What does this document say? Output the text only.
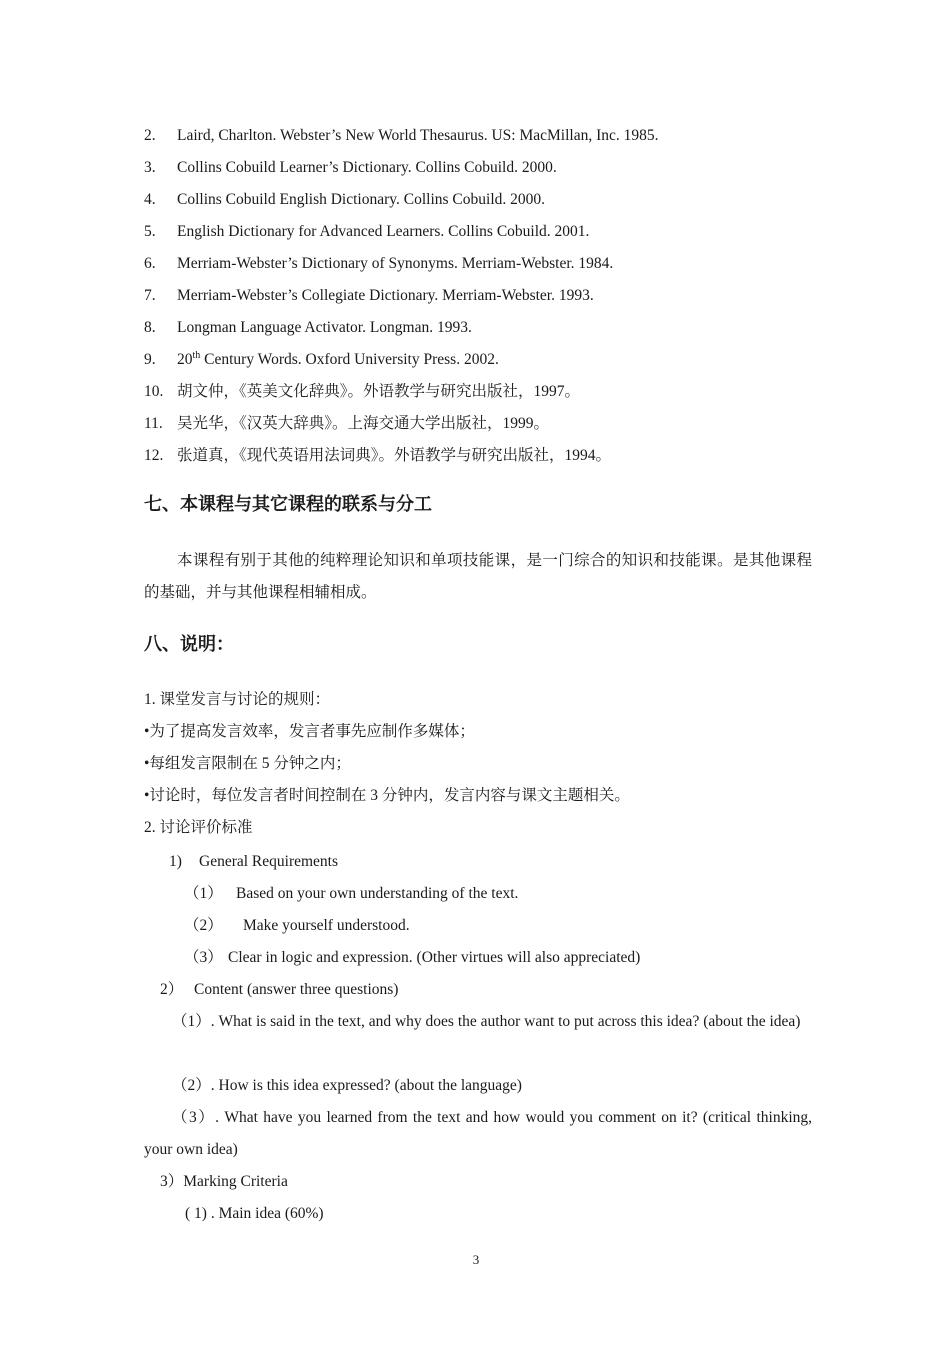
2. Laird, Charlton. Webster’s New World Thesaurus. US: MacMillan, Inc. 1985.
3. Collins Cobuild Learner’s Dictionary. Collins Cobuild. 2000.
4. Collins Cobuild English Dictionary. Collins Cobuild. 2000.
5. English Dictionary for Advanced Learners. Collins Cobuild. 2001.
6. Merriam-Webster’s Dictionary of Synonyms. Merriam-Webster. 1984.
7. Merriam-Webster’s Collegiate Dictionary. Merriam-Webster. 1993.
8. Longman Language Activator. Longman. 1993.
9. 20th Century Words. Oxford University Press. 2002.
10. 胡文仲，《英美文化辞典》。外语教学与研究出版社，1997。
11. 吴光华，《汉英大辞典》。上海交通大学出版社，1999。
12. 张道真，《现代英语用法词典》。外语教学与研究出版社，1994。
七、本课程与其它课程的联系与分工
本课程有别于其他的纯粹理论知识和单项技能课，是一门综合的知识和技能课。是其他课程的基础，并与其他课程相辅相成。
八、说明：
1. 课堂发言与讨论的规则：
•为了提高发言效率，发言者事先应制作多媒体；
•每组发言限制在 5 分钟之内；
•讨论时，每位发言者时间控制在 3 分钟内，发言内容与课文主题相关。
2. 讨论评价标准
1) General Requirements
（1） Based on your own understanding of the text.
（2） Make yourself understood.
（3） Clear in logic and expression. (Other virtues will also appreciated)
2） Content (answer three questions)
（1）. What is said in the text, and why does the author want to put across this idea? (about the idea)
（2）. How is this idea expressed? (about the language)
（3）. What have you learned from the text and how would you comment on it? (critical thinking, your own idea)
3）Marking Criteria
( 1) . Main idea (60%)
3
